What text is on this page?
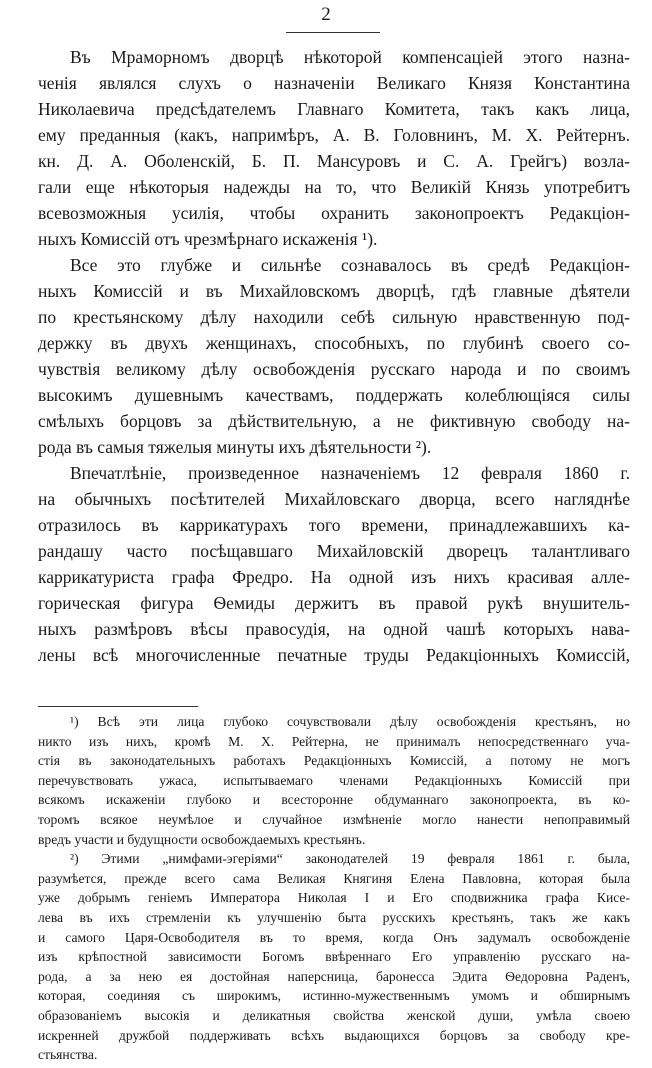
2
Въ Мраморномъ дворцѣ нѣкоторой компенсаціей этого назна-
ченія являлся слухъ о назначеніи Великаго Князя Константина
Николаевича предсѣдателемъ Главнаго Комитета, такъ какъ лица,
ему преданныя (какъ, напримѣръ, А. В. Головнинъ, М. Х. Рейтернъ.
кн. Д. А. Оболенскій, Б. П. Мансуровъ и С. А. Грейгъ) возла-
гали еще нѣкоторыя надежды на то, что Великій Князь употребитъ
всевозможныя усилія, чтобы охранить законопроектъ Редакціон-
ныхъ Комиссій отъ чрезмѣрнаго искаженія ¹).
Все это глубже и сильнѣе сознавалось въ средѣ Редакціон-
ныхъ Комиссій и въ Михайловскомъ дворцѣ, гдѣ главные дѣятели
по крестьянскому дѣлу находили себѣ сильную нравственную под-
держку въ двухъ женщинахъ, способныхъ, по глубинѣ своего со-
чувствія великому дѣлу освобожденія русскаго народа и по своимъ
высокимъ душевнымъ качествамъ, поддержать колеблющіяся силы
смѣлыхъ борцовъ за дѣйствительную, а не фиктивную свободу на-
рода въ самыя тяжелыя минуты ихъ дѣятельности ²).
Впечатлѣніе, произведенное назначеніемъ 12 февраля 1860 г.
на обычныхъ посѣтителей Михайловскаго дворца, всего нагляднѣе
отразилось въ каррикатурахъ того времени, принадлежавшихъ ка-
рандашу часто посѣщавшаго Михайловскій дворецъ талантливаго
каррикатуриста графа Фредро. На одной изъ нихъ красивая алле-
горическая фигура Ѳемиды держитъ въ правой рукѣ внушитель-
ныхъ размѣровъ вѣсы правосудія, на одной чашѣ которыхъ нава-
лены всѣ многочисленные печатные труды Редакціонныхъ Комиссій,
¹) Всѣ эти лица глубоко сочувствовали дѣлу освобожденія крестьянъ, но
никто изъ нихъ, кромѣ М. Х. Рейтерна, не принималъ непосредственнаго уча-
стія въ законодательныхъ работахъ Редакціонныхъ Комиссій, а потому не могъ
перечувствовать ужаса, испытываемаго членами Редакціонныхъ Комиссій при
всякомъ искаженіи глубоко и всесторонне обдуманнаго законопроекта, въ ко-
торомъ всякое неумѣлое и случайное измѣненіе могло нанести непоправимый
вредъ участи и будущности освобождаемыхъ крестьянъ.
²) Этими „нимфами-эгеріями“ законодателей 19 февраля 1861 г. была,
разумѣется, прежде всего сама Великая Княгиня Елена Павловна, которая была
уже добрымъ геніемъ Императора Николая I и Его сподвижника графа Кисе-
лева въ ихъ стремленіи къ улучшенію быта русскихъ крестьянъ, такъ же какъ
и самого Царя-Освободителя въ то время, когда Онъ задумалъ освобожденіе
изъ крѣпостной зависимости Богомъ ввѣреннаго Его управленію русскаго на-
рода, а за нею ея достойная наперсница, баронесса Эдита Ѳедоровна Раденъ,
которая, соединяя съ широкимъ, истинно-мужественнымъ умомъ и обширнымъ
образованіемъ высокія и деликатныя свойства женской души, умѣла своею
искренней дружбой поддерживать всѣхъ выдающихся борцовъ за свободу кре-
стьянства.
